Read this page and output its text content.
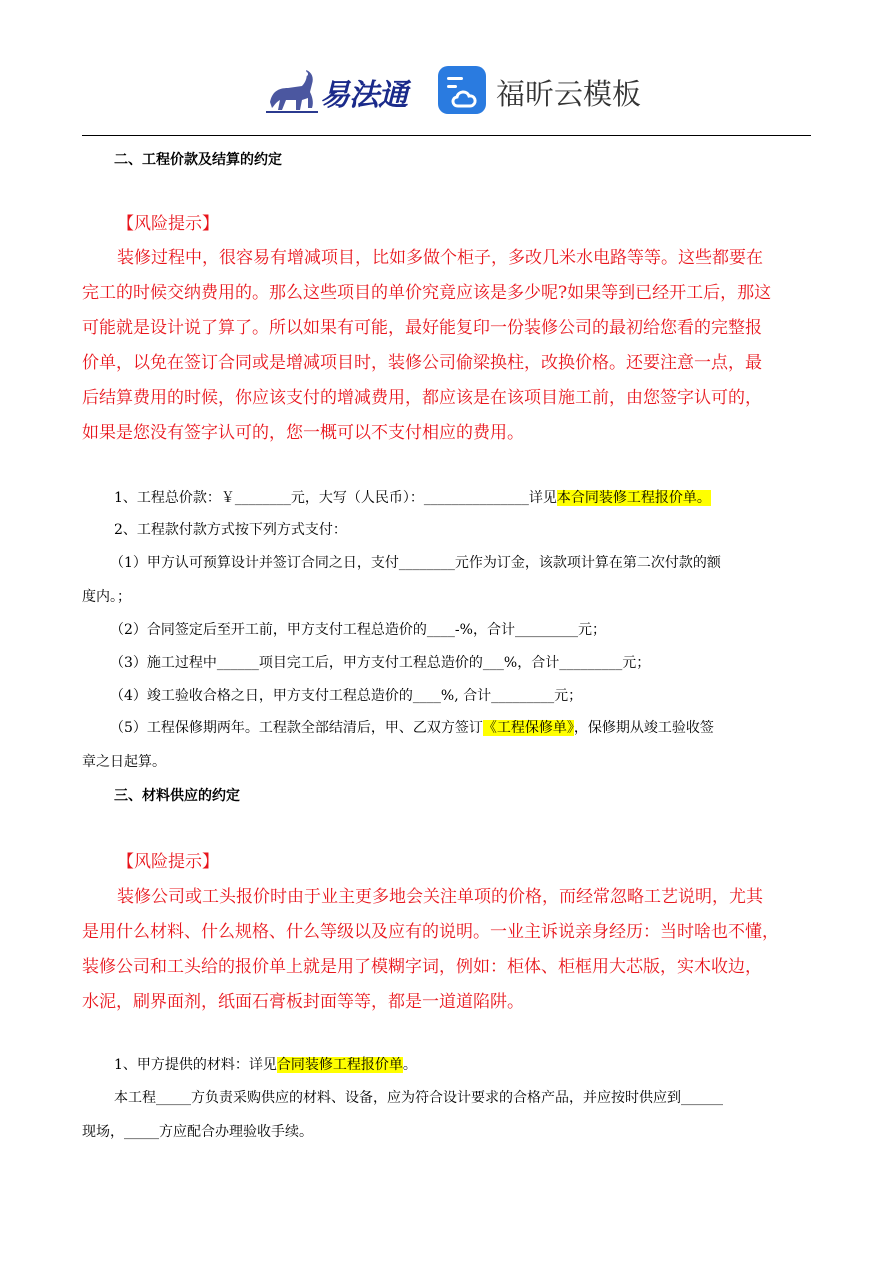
易法通	福昕云模板
二、工程价款及结算的约定
【风险提示】
装修过程中，很容易有增减项目，比如多做个柜子，多改几米水电路等等。这些都要在
完工的时候交纳费用的。那么这些项目的单价究竟应该是多少呢?如果等到已经开工后，那这
可能就是设计说了算了。所以如果有可能，最好能复印一份装修公司的最初给您看的完整报
价单，以免在签订合同或是增减项目时，装修公司偷梁换柱，改换价格。还要注意一点，最
后结算费用的时候，你应该支付的增减费用，都应该是在该项目施工前，由您签字认可的，
如果是您没有签字认可的，您一概可以不支付相应的费用。
1、工程总价款：￥________元，大写（人民币）：_______________详见本合同装修工程报价单。
2、工程款付款方式按下列方式支付：
（1）甲方认可预算设计并签订合同之日，支付________元作为订金，该款项计算在第二次付款的额
度内。；
（2）合同签定后至开工前，甲方支付工程总造价的____-%，合计_________元；
（3）施工过程中______项目完工后，甲方支付工程总造价的___%，合计_________元；
（4）竣工验收合格之日，甲方支付工程总造价的____%, 合计_________元；
（5）工程保修期两年。工程款全部结清后，甲、乙双方签订《工程保修单》，保修期从竣工验收签
章之日起算。
三、材料供应的约定
【风险提示】
装修公司或工头报价时由于业主更多地会关注单项的价格，而经常忽略工艺说明，尤其
是用什么材料、什么规格、什么等级以及应有的说明。一业主诉说亲身经历：当时啥也不懂，
装修公司和工头给的报价单上就是用了模糊字词，例如：柜体、柜框用大芯版，实木收边，
水泥，刷界面剂，纸面石膏板封面等等，都是一道道陷阱。
1、甲方提供的材料：详见合同装修工程报价单。
本工程_____方负责采购供应的材料、设备，应为符合设计要求的合格产品，并应按时供应到______
现场，_____方应配合办理验收手续。
